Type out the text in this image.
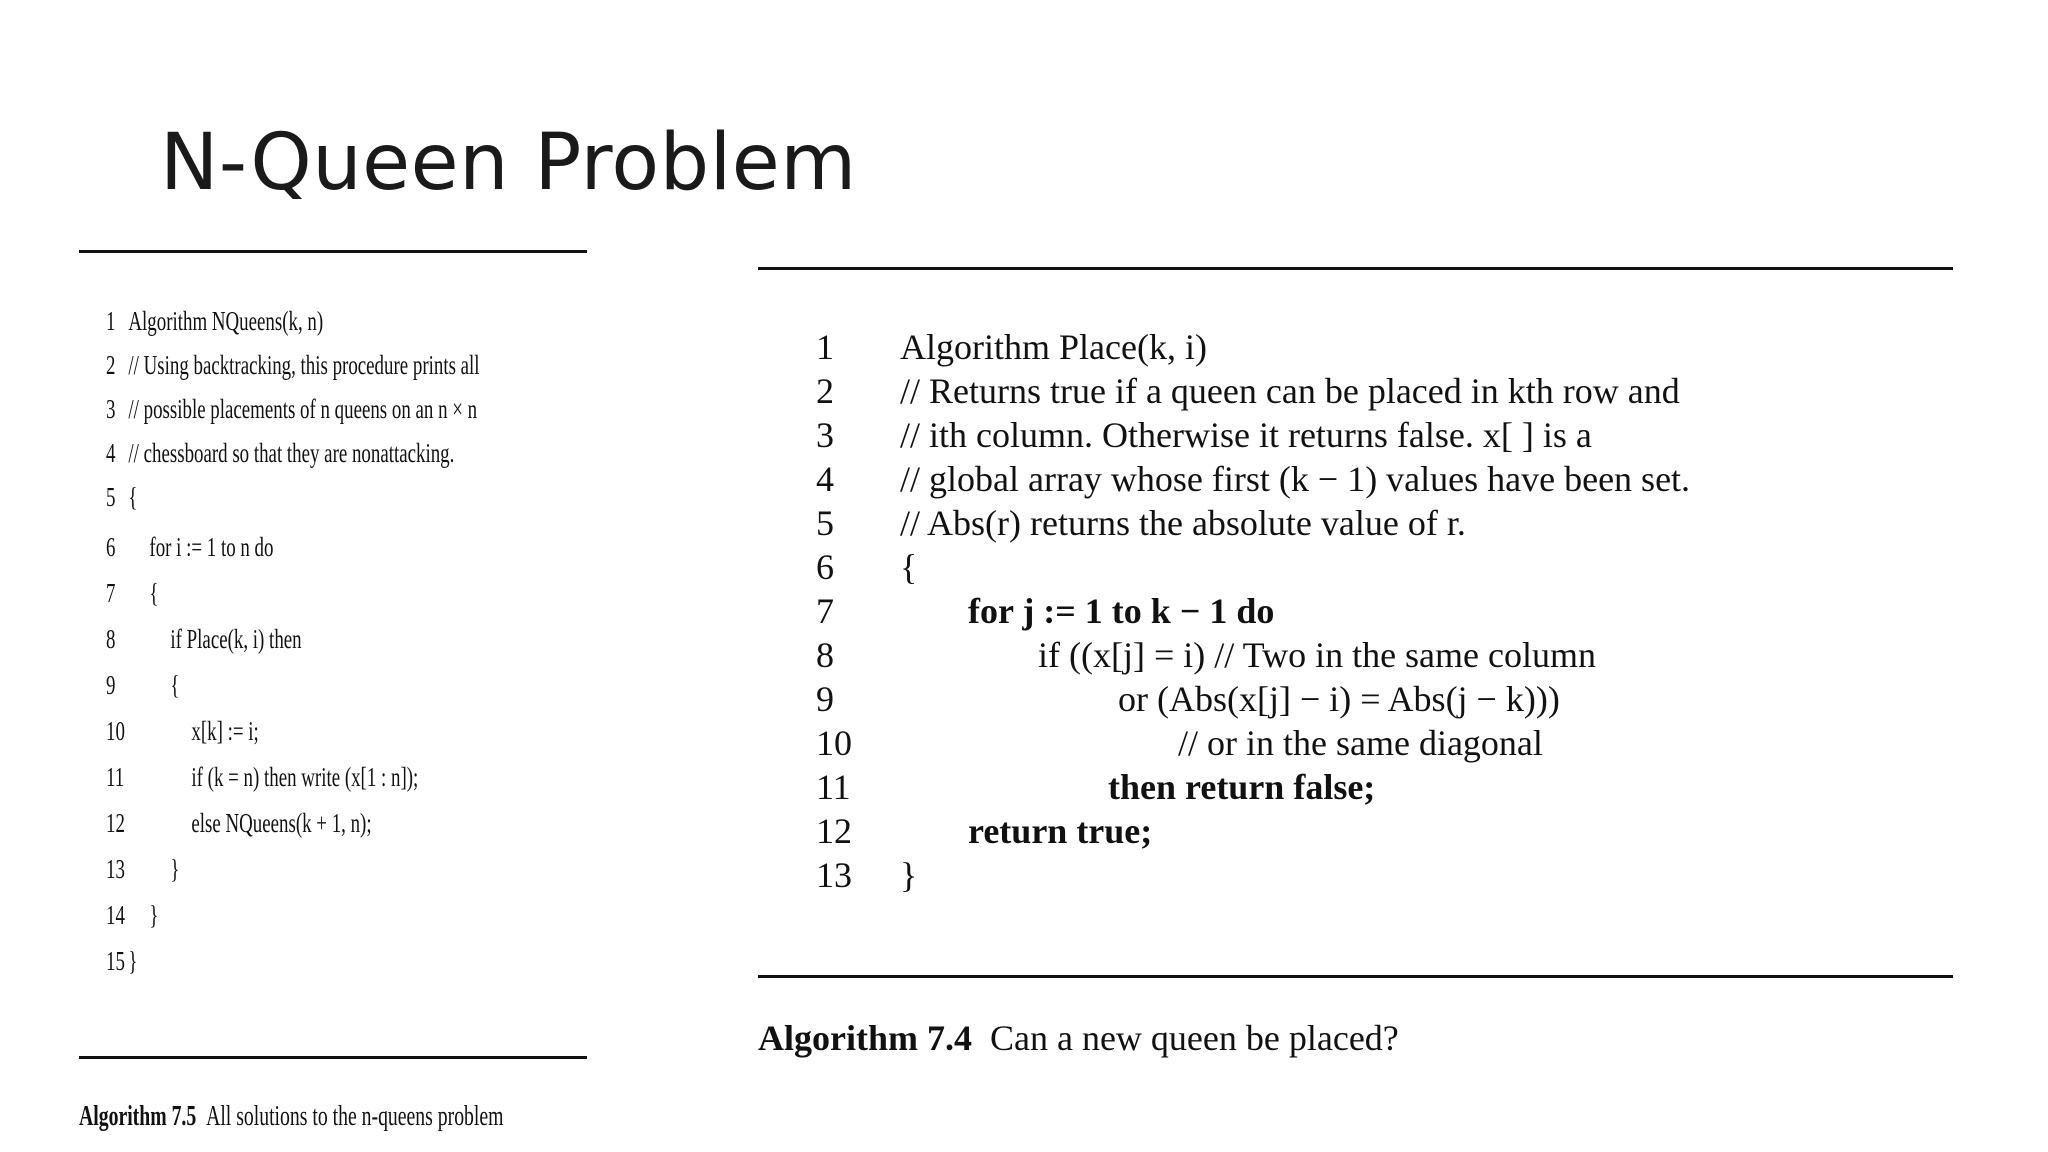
N-Queen Problem
1 Algorithm NQueens(k, n)
2 // Using backtracking, this procedure prints all
3 // possible placements of n queens on an n × n
4 // chessboard so that they are nonattacking.
5 {
6	for i := 1 to n do
7	{
8	if Place(k, i) then
9	{
10 x[k] := i;
11 if (k = n) then write (x[1 : n]);
12 else NQueens(k + 1, n);
13 }
14 }
15 }
Algorithm 7.5 All solutions to the n-queens problem
1	Algorithm Place(k, i)
2	// Returns true if a queen can be placed in kth row and
3	// ith column. Otherwise it returns false. x[ ] is a
4	// global array whose first (k − 1) values have been set.
5	// Abs(r) returns the absolute value of r.
6	{
7	for j := 1 to k − 1 do
8	if ((x[j] = i) // Two in the same column
9	or (Abs(x[j] − i) = Abs(j − k)))
10	// or in the same diagonal
11	then return false;
12	return true;
13	}
Algorithm 7.4 Can a new queen be placed?
